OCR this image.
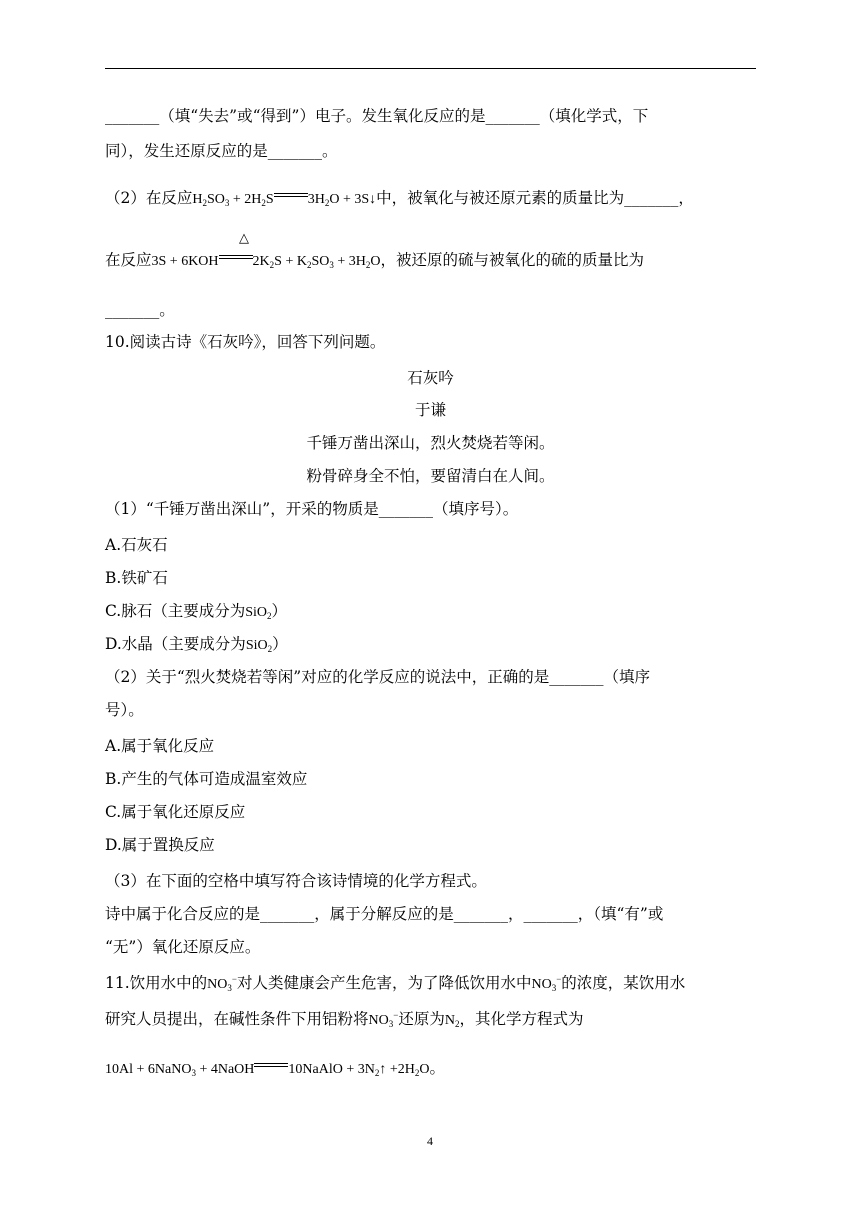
_______（填“失去”或“得到”）电子。发生氧化反应的是_______（填化学式，下
同），发生还原反应的是_______。
（2）在反应$H_2SO_3 + 2H_2S$ $3H_2O$ + 3S↓中，被氧化与被还原元素的质量比为_______，
△
在反应3S + 6KOH $2K_2S + K_2SO_3 + 3H_2O$，被还原的硫与被氧化的硫的质量比为
_______。
10.阅读古诗《石灰吟》，回答下列问题。
石灰吟
于谦
千锤万凿出深山，烈火焚烧若等闲。
粉骨碎身全不怕，要留清白在人间。
（1）“千锤万凿出深山”，开采的物质是_______（填序号）。
A.石灰石
B.铁矿石
C.脉石（主要成分为SiO$_2$）
D.水晶（主要成分为SiO$_2$）
（2）关于“烈火焚烧若等闲”对应的化学反应的说法中，正确的是_______（填序
号）。
A.属于氧化反应
B.产生的气体可造成温室效应
C.属于氧化还原反应
D.属于置换反应
（3）在下面的空格中填写符合该诗情境的化学方程式。
诗中属于化合反应的是_______，属于分解反应的是_______，_______，（填“有”或
“无”）氧化还原反应。
11.饮用水中的$NO_3^-$对人类健康会产生危害，为了降低饮用水中$NO_3^-$的浓度，某饮用水
研究人员提出，在碱性条件下用铝粉将$NO_3^-$还原为$N_2$，其化学方程式为
10Al + 6NaNO$_3$ + 4NaOH 10NaAlO + $3N_2↑ +2H_2O$。
4
